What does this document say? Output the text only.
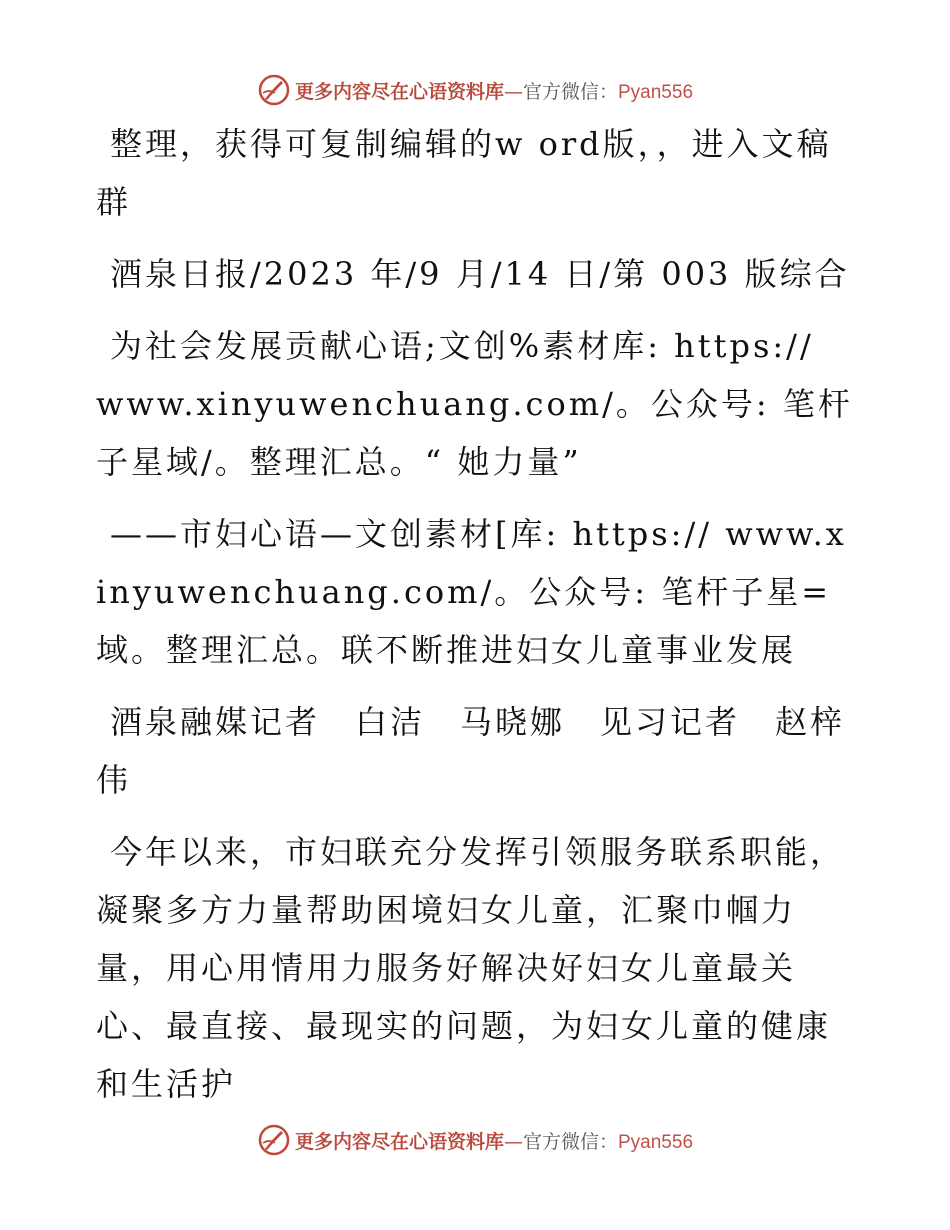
更多内容尽在心语资料库—官方微信：Pyan556

整理，获得可复制编辑的w ord版，，进入文稿群

酒泉日报/2023 年/9 月/14 日/第 003 版综合

为社会发展贡献心语;文创%素材库: https:// www.xinyuwenchuang.com/。公众号: 笔杆子星域/。整理汇总。“ 她力量”

——市妇心语—文创素材[库: https:// www.xinyuwenchuang.com/。公众号: 笔杆子星=域。整理汇总。联不断推进妇女儿童事业发展

酒泉融媒记者　白洁　马晓娜　见习记者　赵梓伟

今年以来，市妇联充分发挥引领服务联系职能，凝聚多方力量帮助困境妇女儿童，汇聚巾帼力量，用心用情用力服务好解决好妇女儿童最关心、最直接、最现实的问题，为妇女儿童的健康和生活护

更多内容尽在心语资料库—官方微信：Pyan556
